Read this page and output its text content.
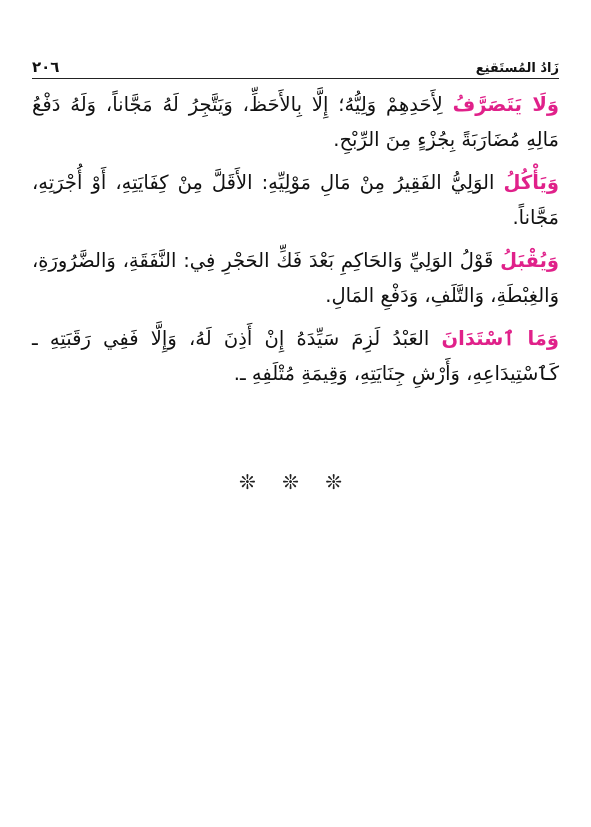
٢٠٦	زَادُ المُستَقنِع

وَلَا يَتَصَرَّفُ لِأَحَدِهِمْ وَلِيُّهُ؛ إِلَّا بِالأَحَظِّ، وَيَتَّجِرُ لَهُ مَجَّاناً، وَلَهُ دَفْعُ مَالِهِ مُضَارَبَةً بِجُزْءٍ مِنَ الرِّبْحِ.

وَيَأْكُلُ الوَلِيُّ الفَقِيرُ مِنْ مَالِ مَوْلِيِّهِ: الأَقَلَّ مِنْ كِفَايَتِهِ، أَوْ أُجْرَتِهِ، مَجَّاناً.

وَيُقْبَلُ قَوْلُ الوَلِيِّ وَالحَاكِمِ بَعْدَ فَكِّ الحَجْرِ فِي: النَّفَقَةِ، وَالضَّرُورَةِ، وَالغِبْطَةِ، وَالتَّلَفِ، وَدَفْعِ المَالِ.

وَمَا ٱسْتَدَانَ العَبْدُ لَزِمَ سَيِّدَهُ إِنْ أَذِنَ لَهُ، وَإِلَّا فَفِي رَقَبَتِهِ ـ كَٱسْتِيدَاعِهِ، وَأَرْشِ جِنَايَتِهِ، وَقِيمَةِ مُتْلَفِهِ ـ.

❊ ❊ ❊
